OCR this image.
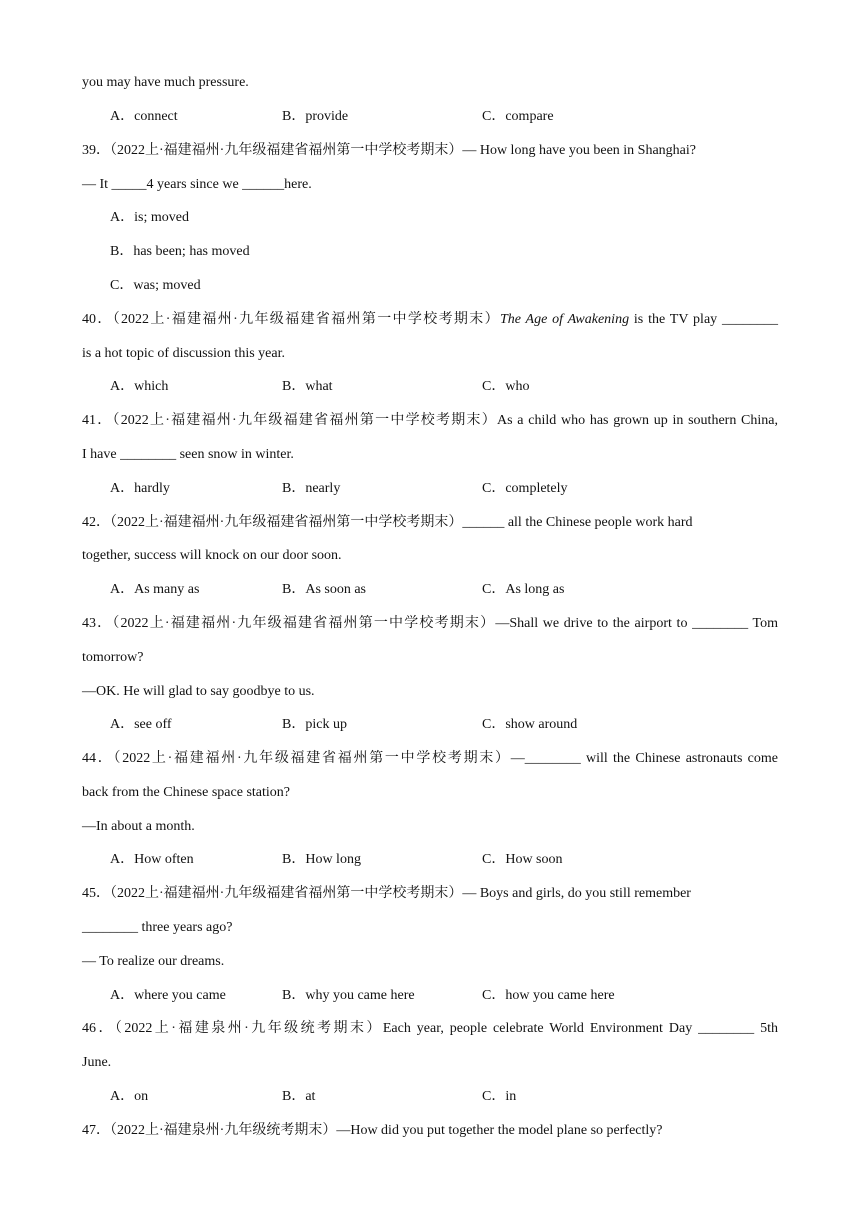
you may have much pressure.
A．connect	B．provide	C．compare
39．（2022上·福建福州·九年级福建省福州第一中学校考期末）— How long have you been in Shanghai?
— It _____4 years since we ______here.
A．is; moved
B．has been; has moved
C．was; moved
40．（2022上·福建福州·九年级福建省福州第一中学校考期末）The Age of Awakening is the TV play ________
is a hot topic of discussion this year.
A．which	B．what	C．who
41．（2022上·福建福州·九年级福建省福州第一中学校考期末）As a child who has grown up in southern China,
I have ________ seen snow in winter.
A．hardly	B．nearly	C．completely
42．（2022上·福建福州·九年级福建省福州第一中学校考期末）______ all the Chinese people work hard
together, success will knock on our door soon.
A．As many as	B．As soon as	C．As long as
43．（2022上·福建福州·九年级福建省福州第一中学校考期末）—Shall we drive to the airport to ________ Tom
tomorrow?
—OK. He will glad to say goodbye to us.
A．see off	B．pick up	C．show around
44．（2022上·福建福州·九年级福建省福州第一中学校考期末）—________ will the Chinese astronauts come
back from the Chinese space station?
—In about a month.
A．How often	B．How long	C．How soon
45．（2022上·福建福州·九年级福建省福州第一中学校考期末）— Boys and girls, do you still remember
________ three years ago?
— To realize our dreams.
A．where you came	B．why you came here	C．how you came here
46．（2022上·福建泉州·九年级统考期末）Each year, people celebrate World Environment Day ________ 5th
June.
A．on	B．at	C．in
47．（2022上·福建泉州·九年级统考期末）—How did you put together the model plane so perfectly?
